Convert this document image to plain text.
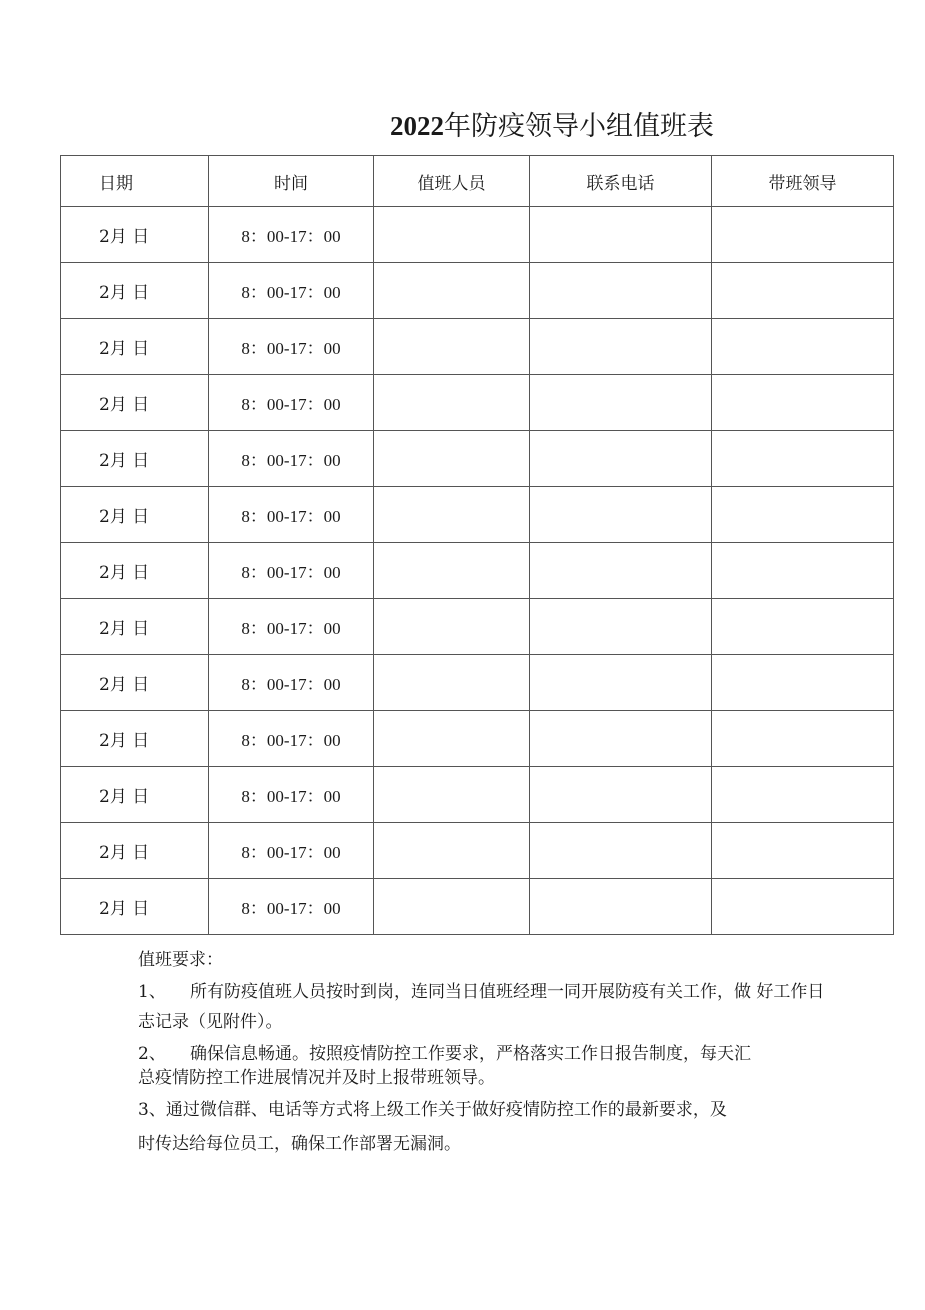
2022年防疫领导小组值班表
日期	时间	值班人员	联系电话	带班领导
2月 日	8：00-17：00			
2月 日	8：00-17：00			
2月 日	8：00-17：00			
2月 日	8：00-17：00			
2月 日	8：00-17：00			
2月 日	8：00-17：00			
2月 日	8：00-17：00			
2月 日	8：00-17：00			
2月 日	8：00-17：00			
2月 日	8：00-17：00			
2月 日	8：00-17：00			
2月 日	8：00-17：00			
2月 日	8：00-17：00			
值班要求：
1、 所有防疫值班人员按时到岗，连同当日值班经理一同开展防疫有关工作，做 好工作日
志记录（见附件）。
2、 确保信息畅通。按照疫情防控工作要求，严格落实工作日报告制度，每天汇
总疫情防控工作进展情况并及时上报带班领导。
3、通过微信群、电话等方式将上级工作关于做好疫情防控工作的最新要求，及
时传达给每位员工，确保工作部署无漏洞。
